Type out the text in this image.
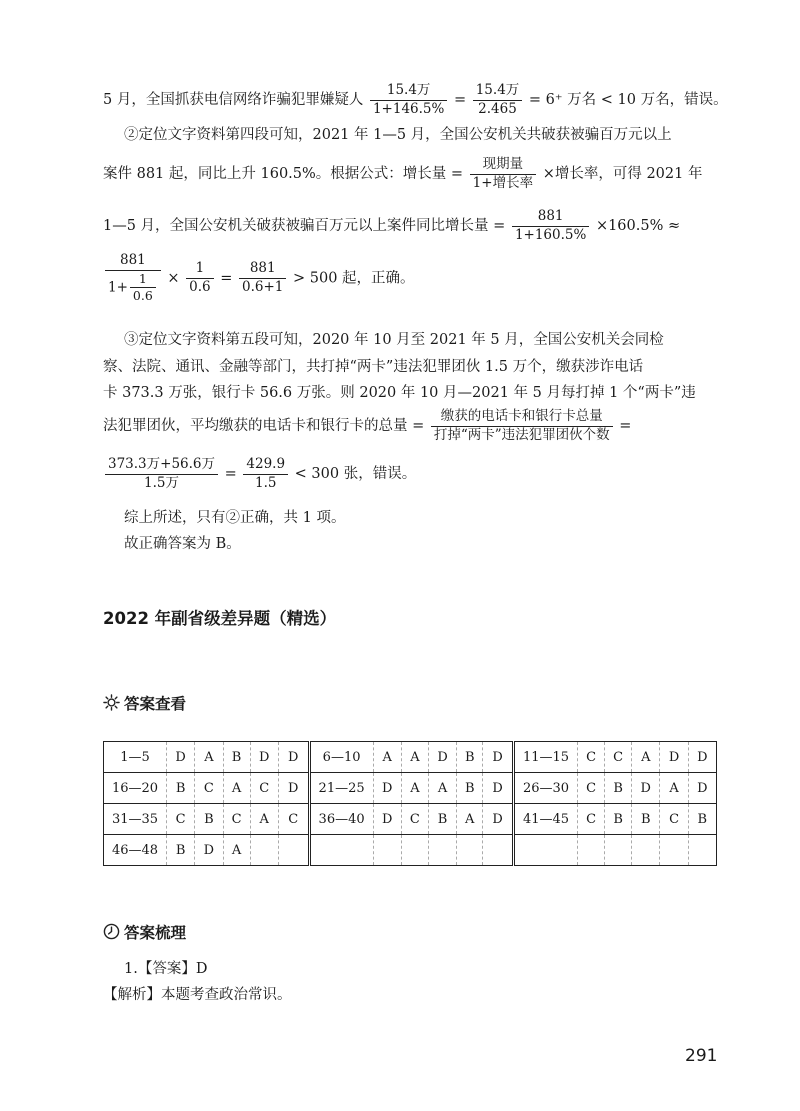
5 月，全国抓获电信网络诈骗犯罪嫌疑人 $\frac{\text{15.4万}}{1+146.5\%} = \frac{\text{15.4万}}{2.465} = 6^+$ 万名 < 10 万名，错误。
②定位文字资料第四段可知，2021 年 1—5 月，全国公安机关共破获被骗百万元以上
案件 881 起，同比上升 160.5%。根据公式：增长量 = $\frac{\text{现期量}}{\text{1+增长率}}$ ×增长率，可得 2021 年
1—5 月，全国公安机关破获被骗百万元以上案件同比增长量 = $\frac{881}{1+160.5\%} \times 160.5\%$ ≈
$\frac{881}{1+ \frac{1}{0.6}} \times \frac{1}{0.6} = \frac{881}{0.6+1} > 500$ 起，正确。
③定位文字资料第五段可知，2020 年 10 月至 2021 年 5 月，全国公安机关会同检
察、法院、通讯、金融等部门，共打掉“两卡”违法犯罪团伙 1.5 万个，缴获涉诈电话
卡 373.3 万张，银行卡 56.6 万张。则 2020 年 10 月—2021 年 5 月每打掉 1 个“两卡”违
法犯罪团伙，平均缴获的电话卡和银行卡的总量 = $\frac{\text{缴获的电话卡和银行卡总量}}{\text{打掉“两卡”违法犯罪团伙个数}}$ =
$\frac{\text{373.3万+56.6万}}{\text{1.5万}} = \frac{429.9}{1.5} < 300$ 张，错误。
综上所述，只有②正确，共 1 项。
故正确答案为 B。
2022 年副省级差异题（精选）
答案查看
1—5	D	A	B	D	D	6—10	A	A	D	B	D	11—15	C	C	A	D	D
16—20	B	C	A	C	D	21—25	D	A	A	B	D	26—30	C	B	D	A	D
31—35	C	B	C	A	C	36—40	D	C	B	A	D	41—45	C	B	B	C	B
46—48	B	D	A														
答案梳理
1.【答案】D
【解析】本题考查政治常识。
291
